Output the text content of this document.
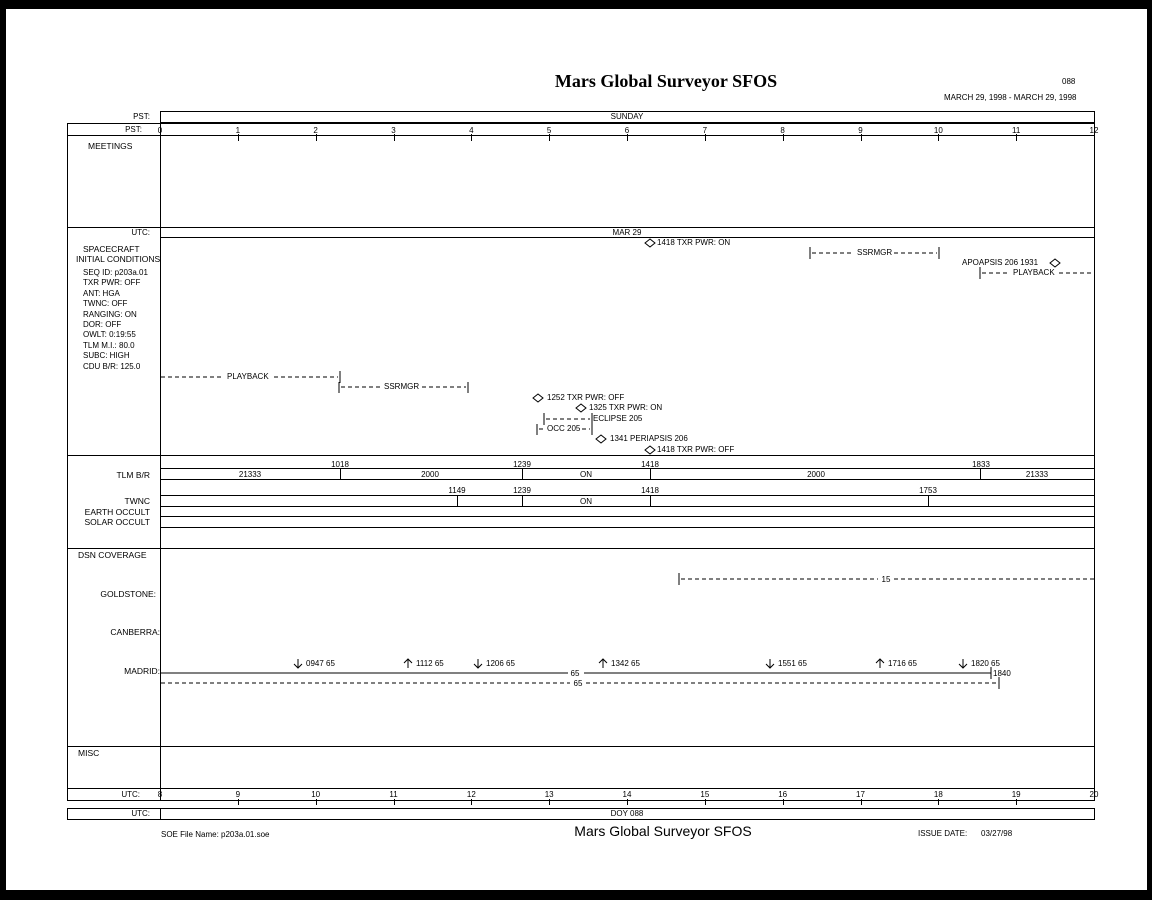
Mars Global Surveyor SFOS	088
MARCH 29, 1998 - MARCH 29, 1998
PST:	SUNDAY
PST: 0	1	2	3	4	5	6	7	8	9	10	11	12
MEETINGS
UTC:	MAR 29
SPACECRAFT
INITIAL CONDITIONS
SEQ ID: p203a.01
TXR PWR: OFF
ANT: HGA
TWNC: OFF
RANGING: ON
DOR: OFF
OWLT: 0:19:55
TLM M.I.: 80.0
SUBC: HIGH
CDU B/R: 125.0
1418 TXR PWR: ON
SSRMGR
APOAPSIS 206 1931
PLAYBACK
PLAYBACK
SSRMGR
1252 TXR PWR: OFF
1325 TXR PWR: ON
ECLIPSE 205
OCC 205
1341 PERIAPSIS 206
1418 TXR PWR: OFF
TLM B/R
1018	1239	1418	1833
21333	2000	ON	2000	21333
1149	1239	1418	1753
ON
TWNC
EARTH OCCULT
SOLAR OCCULT
DSN COVERAGE
GOLDSTONE:
CANBERRA:
MADRID:
15
0947 65	1112 65	1206 65	1342 65	1551 65	1716 65	1820 65
65	1840
65
MISC
UTC: 8	9	10	11	12	13	14	15	16	17	18	19	20
UTC:	DOY 088
SOE File Name: p203a.01.soe	Mars Global Surveyor SFOS	ISSUE DATE: 03/27/98
